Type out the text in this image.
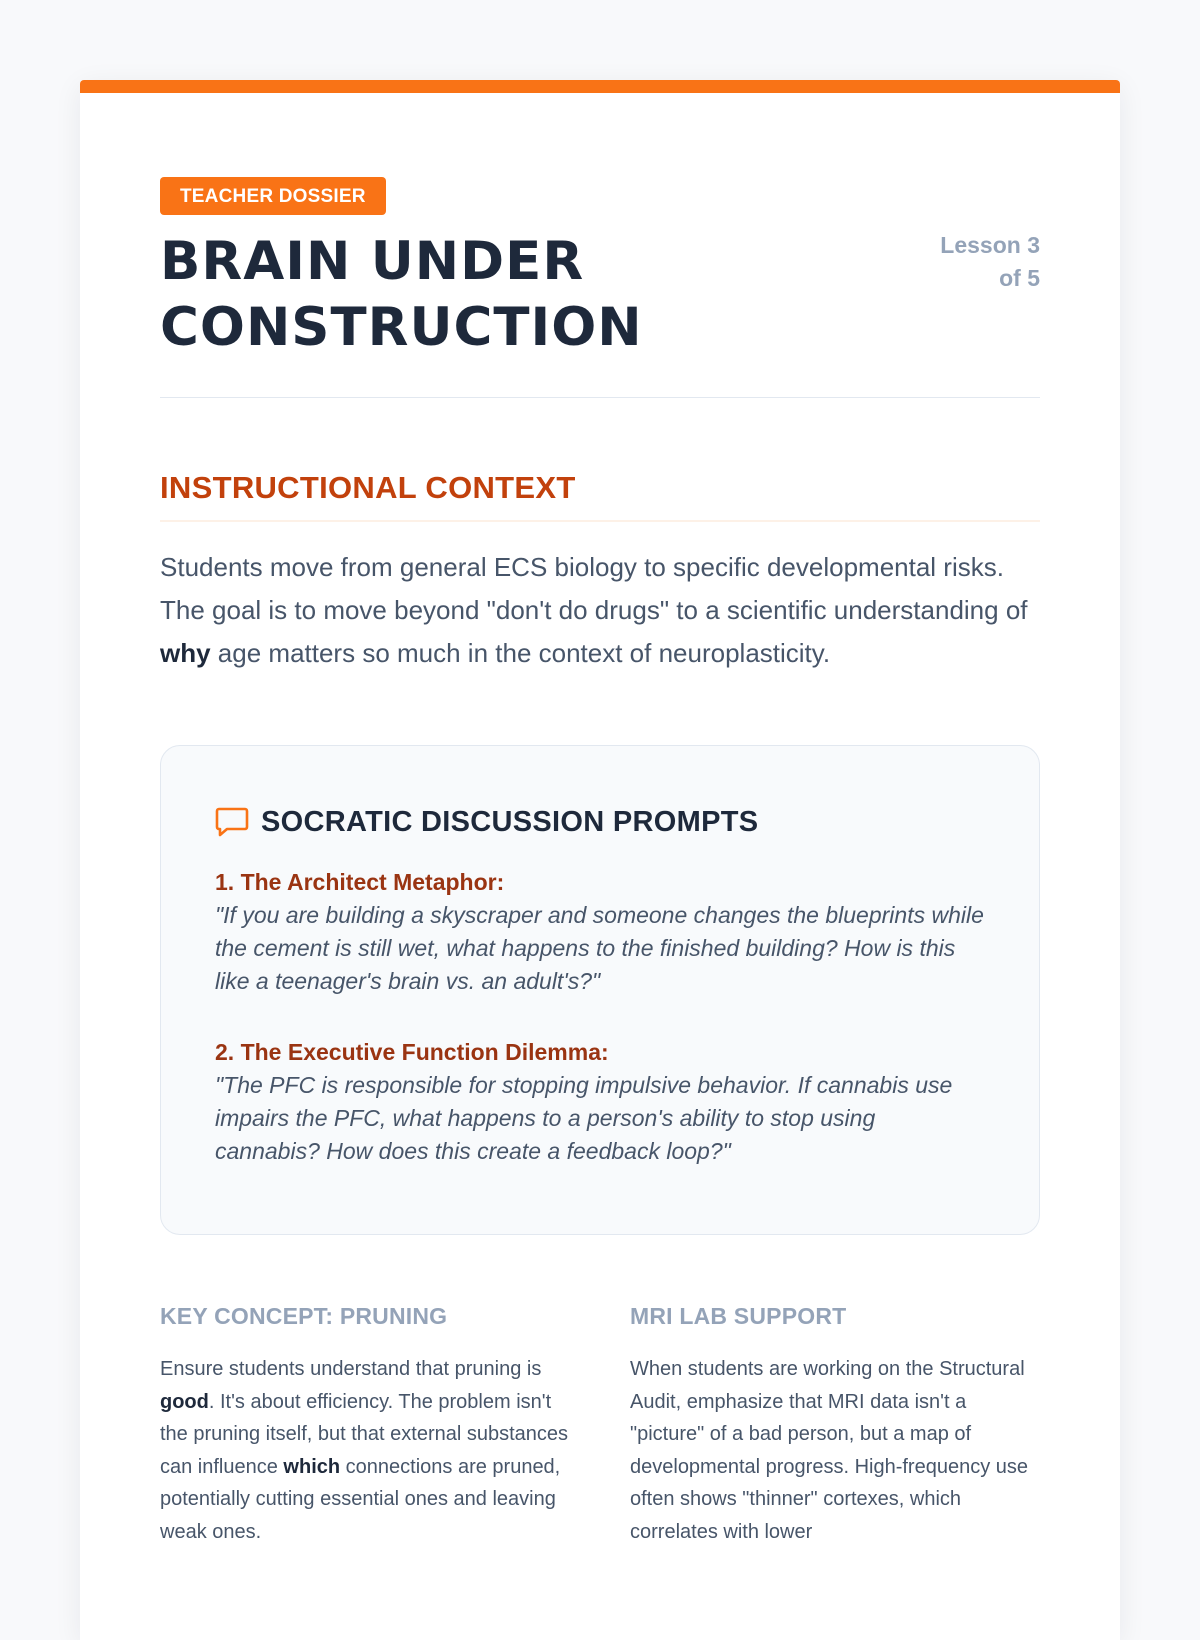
TEACHER DOSSIER
BRAIN UNDER
CONSTRUCTION
Lesson 3
of 5
INSTRUCTIONAL CONTEXT

Students move from general ECS biology to specific developmental risks. The goal is to move beyond "don't do drugs" to a scientific understanding of why age matters so much in the context of neuroplasticity.

SOCRATIC DISCUSSION PROMPTS
1. The Architect Metaphor:
"If you are building a skyscraper and someone changes the blueprints while the cement is still wet, what happens to the finished building? How is this like a teenager's brain vs. an adult's?"
2. The Executive Function Dilemma:
"The PFC is responsible for stopping impulsive behavior. If cannabis use impairs the PFC, what happens to a person's ability to stop using cannabis? How does this create a feedback loop?"
KEY CONCEPT: PRUNING
Ensure students understand that pruning is good. It's about efficiency. The problem isn't the pruning itself, but that external substances can influence which connections are pruned, potentially cutting essential ones and leaving weak ones.
MRI LAB SUPPORT
When students are working on the Structural Audit, emphasize that MRI data isn't a "picture" of a bad person, but a map of developmental progress. High-frequency use often shows "thinner" cortexes, which correlates with lower
